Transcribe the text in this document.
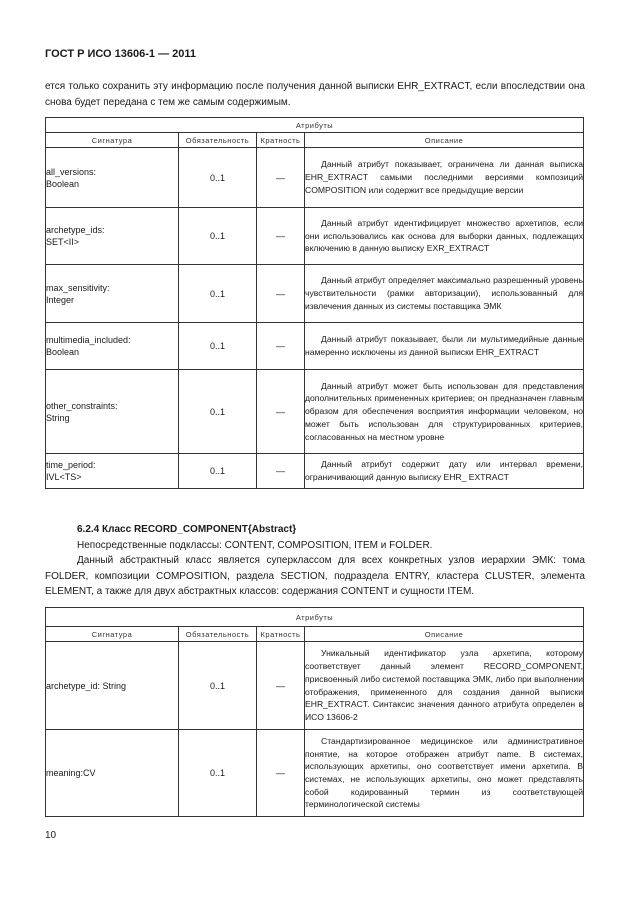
ГОСТ Р ИСО 13606-1 — 2011
ется только сохранить эту информацию после получения данной выписки EHR_EXTRACT, если впоследствии она снова будет передана с тем же самым содержимым.
Атрибуты			
Сигнатура	Обязательность	Кратность	Описание

all_versions:
Boolean	0..1	—	Данный атрибут показывает, ограничена ли данная выписка EHR_EXTRACT самыми последними версиями композиций COMPOSITION или содержит все предыдущие версии

archetype_ids:
SET<II>	0..1	—	Данный атрибут идентифицирует множество архетипов, если они использовались как основа для выборки данных, подлежащих включению в данную выписку EXR_EXTRACT

max_sensitivity:
Integer	0..1	—	Данный атрибут определяет максимально разрешенный уровень чувствительности (рамки авторизации), использованный для извлечения данных из системы поставщика ЭМК

multimedia_included:
Boolean	0..1	—	Данный атрибут показывает, были ли мультимедийные данные намеренно исключены из данной выписки EHR_EXTRACT

other_constraints:
String	0..1	—	Данный атрибут может быть использован для представления дополнительных примененных критериев; он предназначен главным образом для обеспечения восприятия информации человеком, но может быть использован для структурированных критериев, согласованных на местном уровне

time_period:
IVL<TS>	0..1	—	Данный атрибут содержит дату или интервал времени, ограничивающий данную выписку EHR_ EXTRACT

6.2.4 Класс RECORD_COMPONENT{Abstract}

Непосредственные подклассы: CONTENT, COMPOSITION, ITEM и FOLDER.

Данный абстрактный класс является суперклассом для всех конкретных узлов иерархии ЭМК: тома FOLDER, композиции COMPOSITION, раздела SECTION, подраздела ENTRY, кластера CLUSTER, элемента ELEMENT, а также для двух абстрактных классов: содержания CONTENT и сущности ITEM.

Атрибуты			
Сигнатура	Обязательность	Кратность	Описание
archetype_id: String	0..1	—	Уникальный идентификатор узла архетипа, которому соответствует данный элемент RECORD_COMPONENT, присвоенный либо системой поставщика ЭМК, либо при выполнении отображения, примененного для создания данной выписки EHR_EXTRACT. Синтаксис значения данного атрибута определен в ИСО 13606-2
meaning:CV	0..1	—	Стандартизированное медицинское или административное понятие, на которое отображен атрибут name. В системах, использующих архетипы, оно соответствует имени архетипа. В системах, не использующих архетипы, оно может представлять собой кодированный термин из соответствующей терминологической системы
10
